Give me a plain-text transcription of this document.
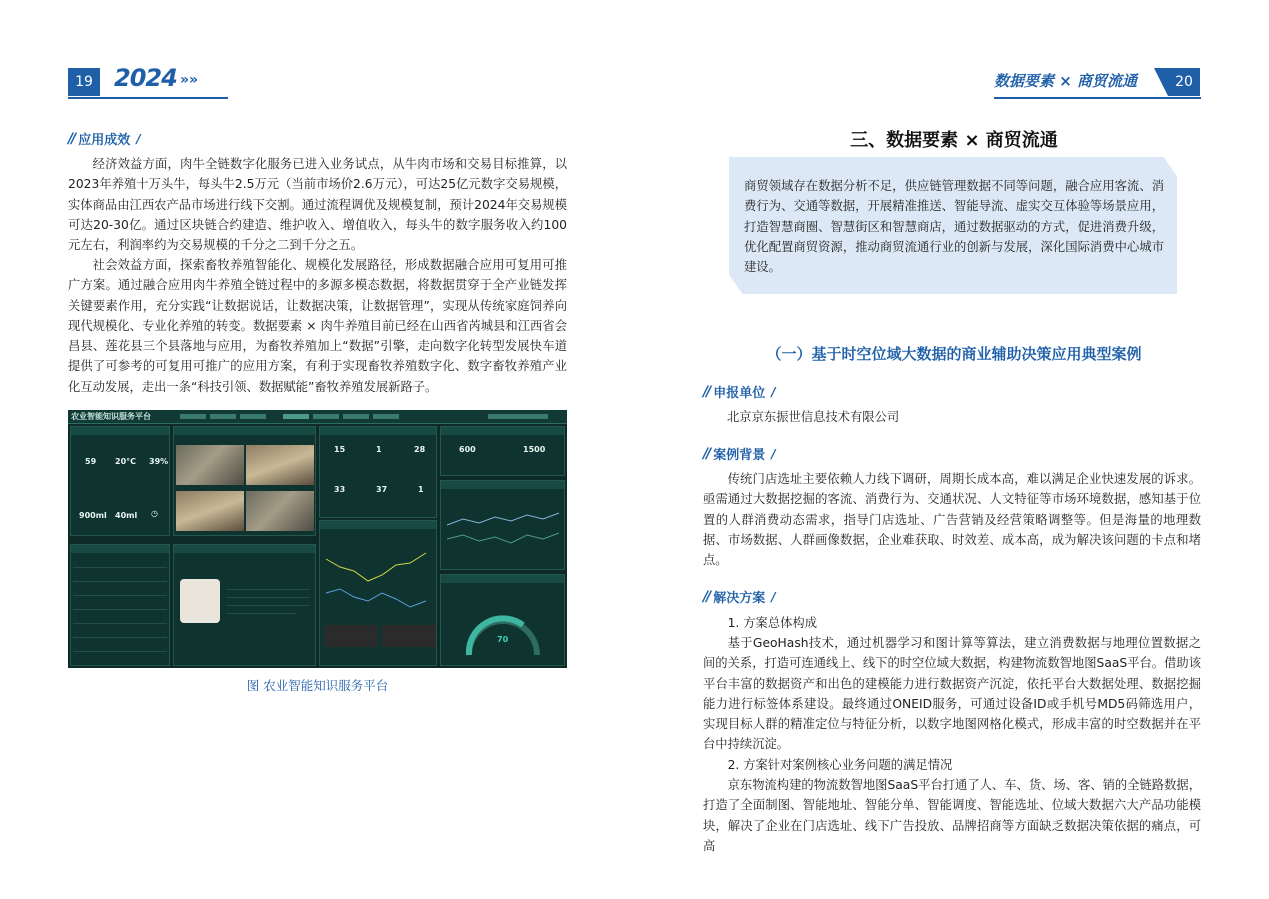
19 2024 »»	数据要素 × 商贸流通	20
// 应用成效 /

经济效益方面，肉牛全链数字化服务已进入业务试点，从牛肉市场和交易目标推算，以2023年养殖十万头牛，每头牛2.5万元（当前市场价2.6万元），可达25亿元数字交易规模，实体商品由江西农产品市场进行线下交割。通过流程调优及规模复制，预计2024年交易规模可达20-30亿。通过区块链合约建造、维护收入、增值收入，每头牛的数字服务收入约100元左右，利润率约为交易规模的千分之二到千分之五。

社会效益方面，探索畜牧养殖智能化、规模化发展路径，形成数据融合应用可复用可推广方案。通过融合应用肉牛养殖全链过程中的多源多模态数据，将数据贯穿于全产业链发挥关键要素作用，充分实践“让数据说话，让数据决策，让数据管理”，实现从传统家庭饲养向现代规模化、专业化养殖的转变。数据要素 × 肉牛养殖目前已经在山西省芮城县和江西省会昌县、莲花县三个县落地与应用，为畜牧养殖加上“数据”引擎，走向数字化转型发展快车道提供了可参考的可复用可推广的应用方案，有利于实现畜牧养殖数字化、数字畜牧养殖产业化互动发展，走出一条“科技引领、数据赋能”畜牧养殖发展新路子。

农业智能知识服务平台
59 20°C 39%
900ml 40ml ◷
15	1	28
33	37	1
600	1500
70
图 农业智能知识服务平台
三、数据要素 × 商贸流通

商贸领域存在数据分析不足，供应链管理数据不同等问题，融合应用客流、消费行为、交通等数据，开展精准推送、智能导流、虚实交互体验等场景应用，打造智慧商圈、智慧街区和智慧商店，通过数据驱动的方式，促进消费升级，优化配置商贸资源，推动商贸流通行业的创新与发展，深化国际消费中心城市建设。

（一）基于时空位域大数据的商业辅助决策应用典型案例
// 申报单位 /

北京京东振世信息技术有限公司

// 案例背景 /

传统门店选址主要依赖人力线下调研，周期长成本高，难以满足企业快速发展的诉求。亟需通过大数据挖掘的客流、消费行为、交通状况、人文特征等市场环境数据，感知基于位置的人群消费动态需求，指导门店选址、广告营销及经营策略调整等。但是海量的地理数据、市场数据、人群画像数据，企业难获取、时效差、成本高，成为解决该问题的卡点和堵点。

// 解决方案 /

1. 方案总体构成

基于GeoHash技术，通过机器学习和图计算等算法，建立消费数据与地理位置数据之间的关系，打造可连通线上、线下的时空位域大数据，构建物流数智地图SaaS平台。借助该平台丰富的数据资产和出色的建模能力进行数据资产沉淀，依托平台大数据处理、数据挖掘能力进行标签体系建设。最终通过ONEID服务，可通过设备ID或手机号MD5码筛选用户，实现目标人群的精准定位与特征分析，以数字地图网格化模式，形成丰富的时空数据并在平台中持续沉淀。

2. 方案针对案例核心业务问题的满足情况

京东物流构建的物流数智地图SaaS平台打通了人、车、货、场、客、销的全链路数据，打造了全面制图、智能地址、智能分单、智能调度、智能选址、位域大数据六大产品功能模块，解决了企业在门店选址、线下广告投放、品牌招商等方面缺乏数据决策依据的痛点，可高
